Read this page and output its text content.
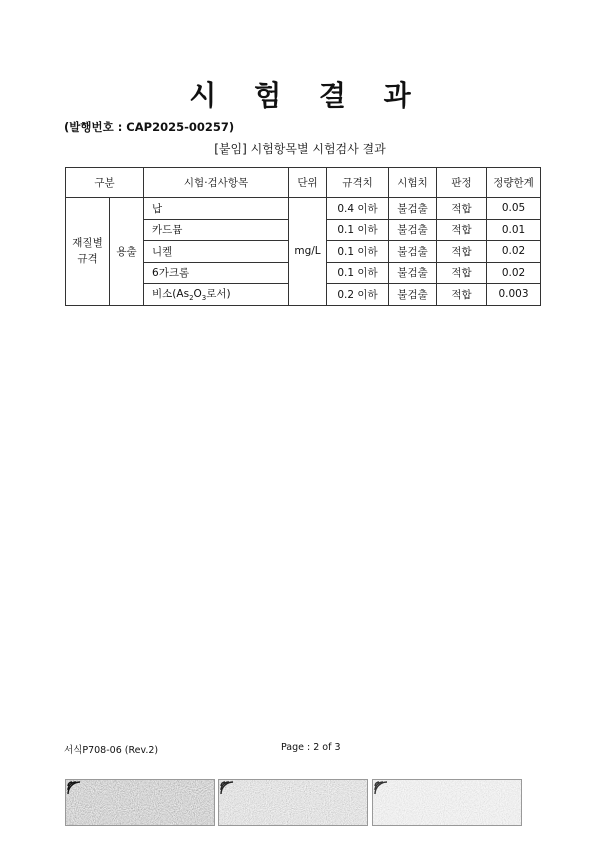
시 험 결 과
(발행번호 : CAP2025-00257)
[붙임] 시험항목별 시험검사 결과
구분		시험·검사항목	단위	규격치	시험치	판정	정량한계

재질별
규격	용출	납	mg/L	0.4 이하	불검출	적합	0.05
		카드뮴		0.1 이하	불검출	적합	0.01
		니켈		0.1 이하	불검출	적합	0.02
		6가크롬		0.1 이하	불검출	적합	0.02
		비소($As_2O_3$로서)		0.2 이하	불검출	적합	0.003
서식P708-06 (Rev.2)	Page : 2 of 3
